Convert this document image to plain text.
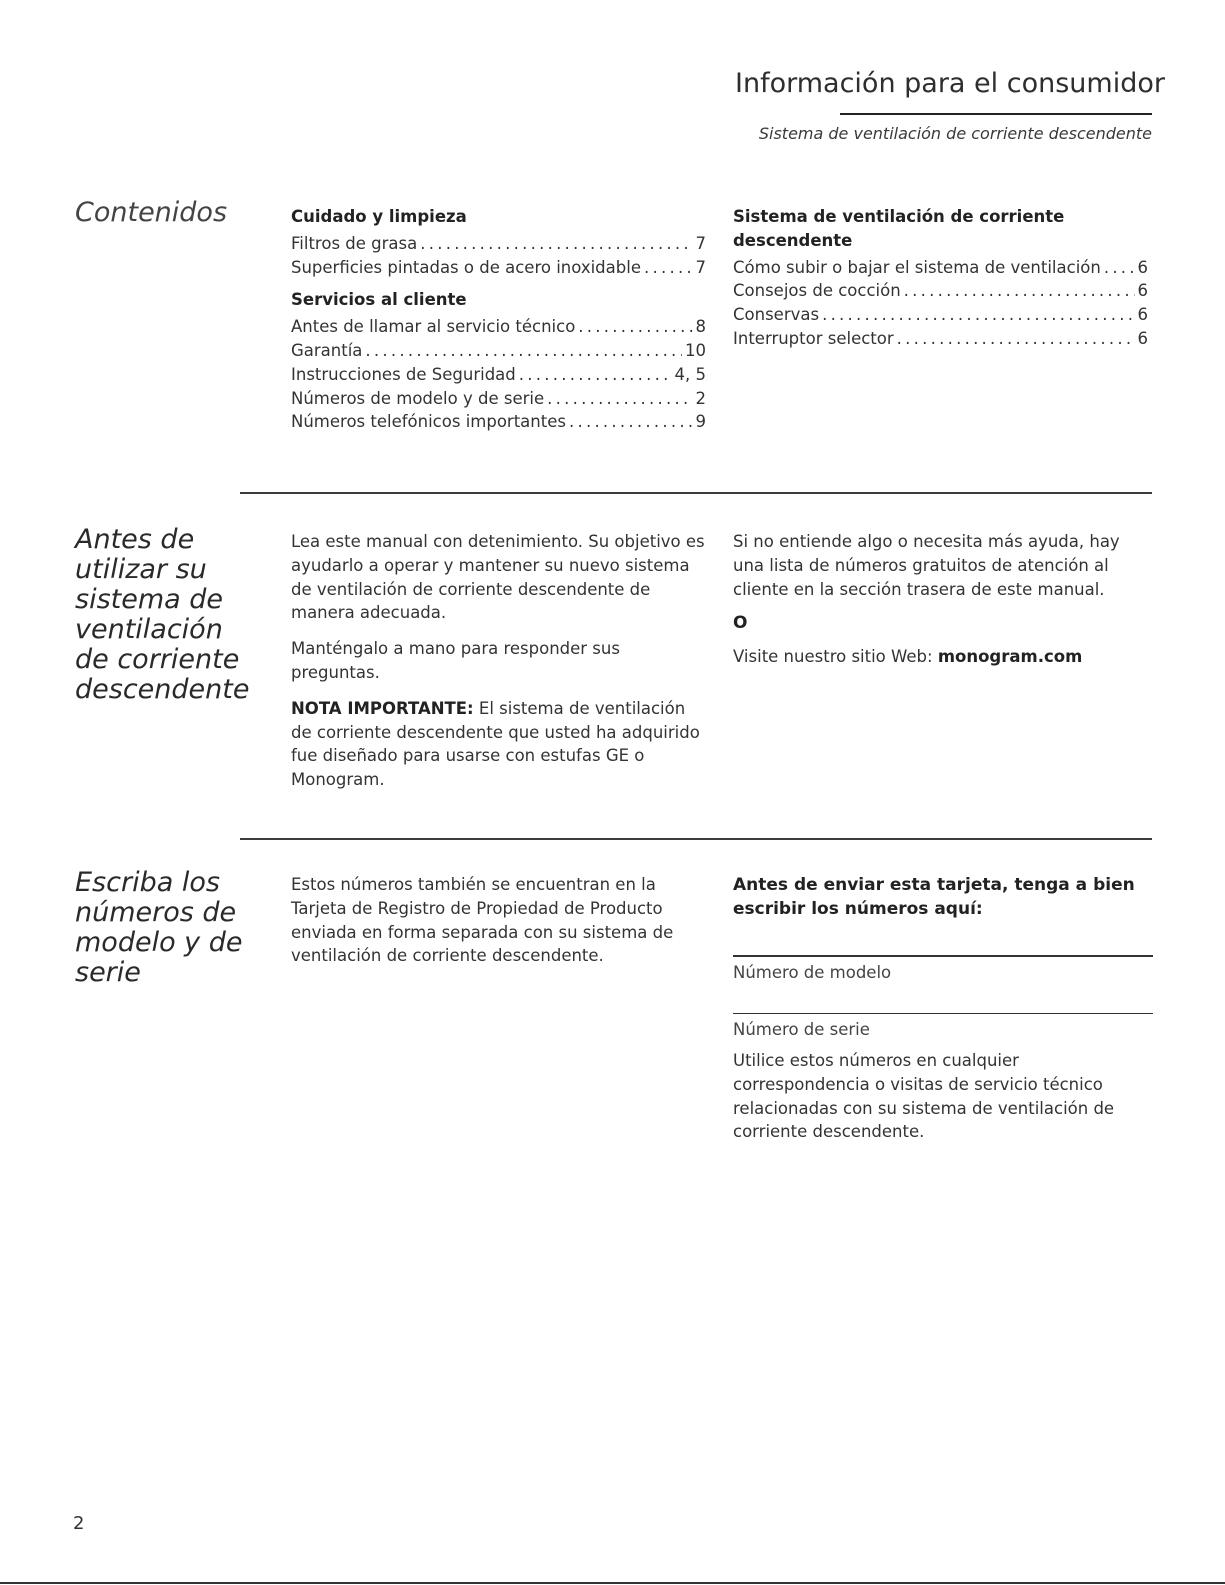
Información para el consumidor
Sistema de ventilación de corriente descendente
Contenidos	Cuidado y limpieza
Filtros de grasa . . .	7
Superficies pintadas o de acero inoxidable . . .	7
Servicios al cliente
Antes de llamar al servicio técnico . . .	8
Garantía . . .	10
Instrucciones de Seguridad . . .	4, 5
Números de modelo y de serie . . .	2
Números telefónicos importantes . . .	9
Sistema de ventilación de corriente descendente
Cómo subir o bajar el sistema de ventilación . . . 6
Consejos de cocción . . .	6
Conservas . . .	6
Interruptor selector . . .	6
Antes de utilizar su sistema de ventilación de corriente descendente

Lea este manual con detenimiento. Su objetivo es ayudarlo a operar y mantener su nuevo sistema de ventilación de corriente descendente de manera adecuada.

Manténgalo a mano para responder sus preguntas.

NOTA IMPORTANTE: El sistema de ventilación de corriente descendente que usted ha adquirido fue diseñado para usarse con estufas GE o Monogram.

Si no entiende algo o necesita más ayuda, hay una lista de números gratuitos de atención al cliente en la sección trasera de este manual.

O

Visite nuestro sitio Web: monogram.com

Escriba los números de modelo y de serie

Estos números también se encuentran en la Tarjeta de Registro de Propiedad de Producto enviada en forma separada con su sistema de ventilación de corriente descendente.

Antes de enviar esta tarjeta, tenga a bien escribir los números aquí:
Número de modelo
Número de serie

Utilice estos números en cualquier correspondencia o visitas de servicio técnico relacionadas con su sistema de ventilación de corriente descendente.

2
